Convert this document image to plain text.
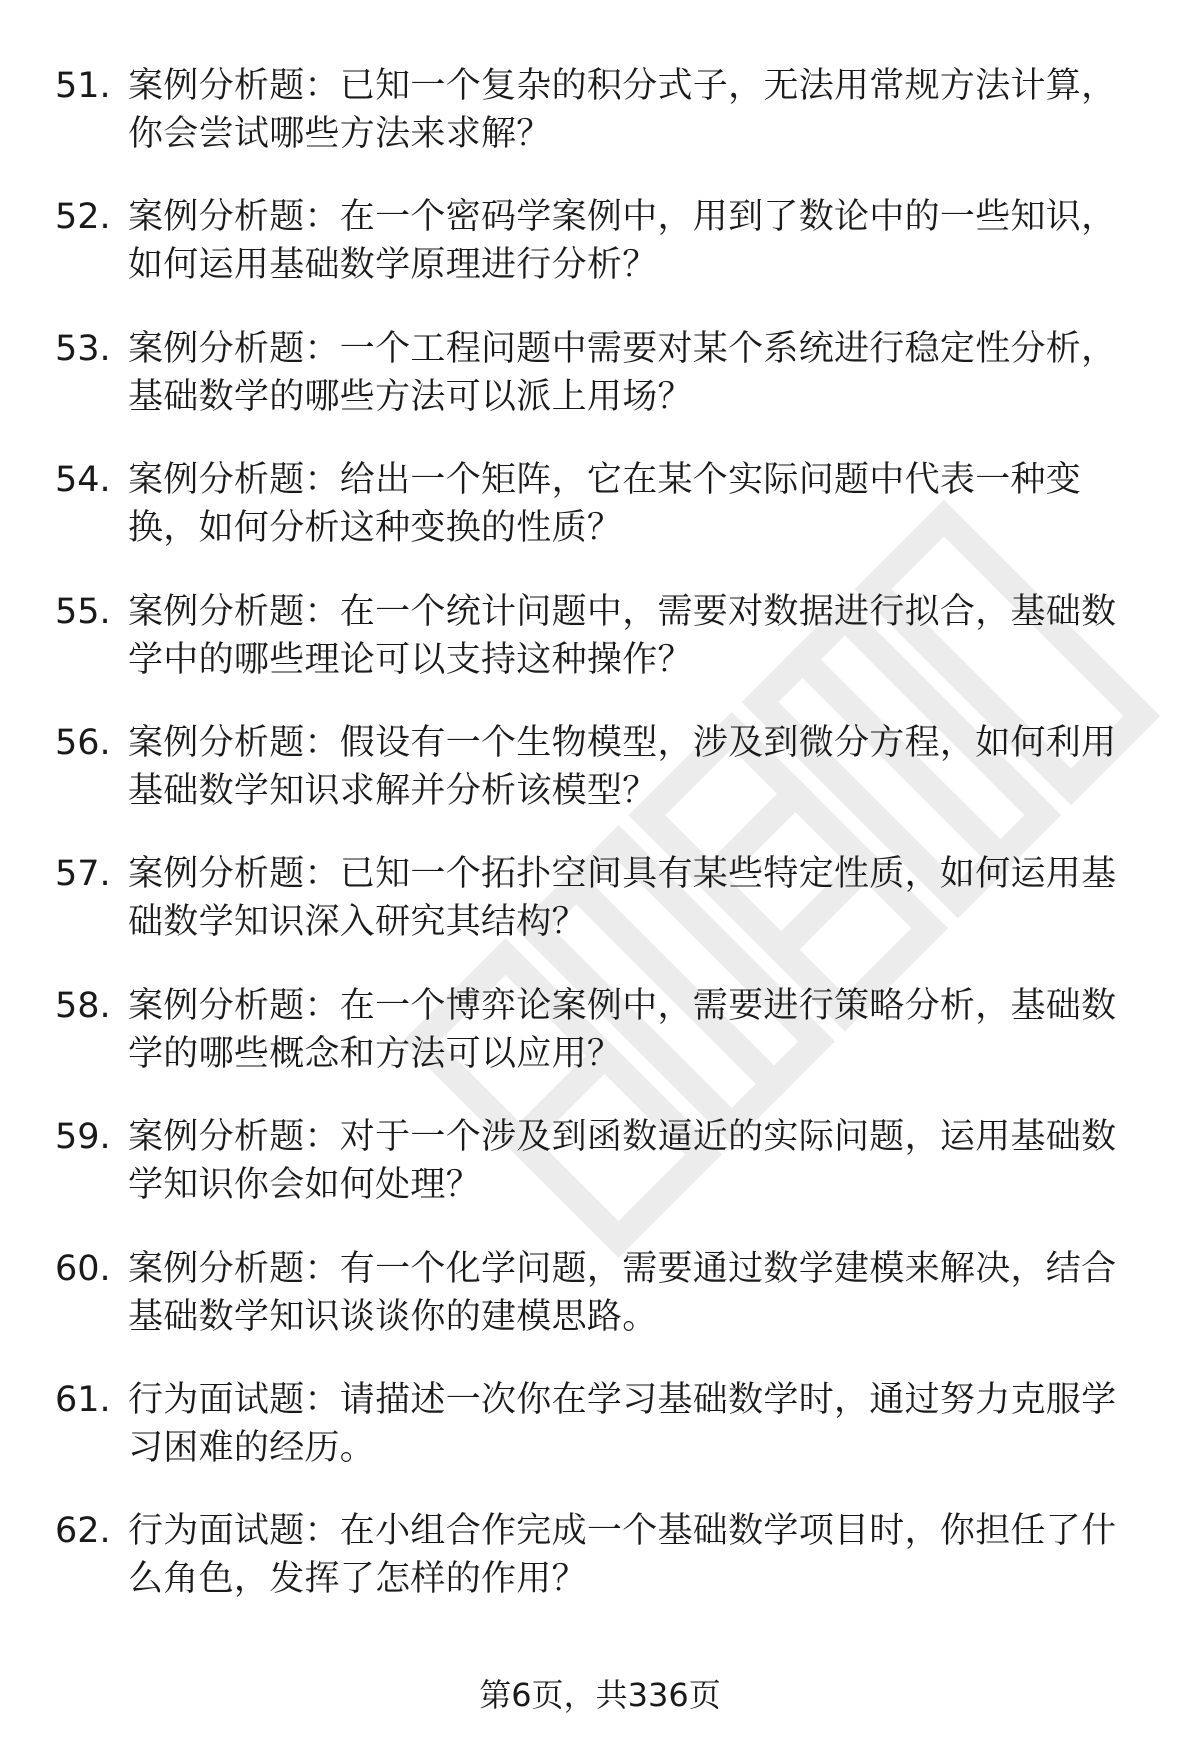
51. 案例分析题：已知一个复杂的积分式子，无法用常规方法计算，你会尝试哪些方法来求解？
52. 案例分析题：在一个密码学案例中，用到了数论中的一些知识，如何运用基础数学原理进行分析？
53. 案例分析题：一个工程问题中需要对某个系统进行稳定性分析，基础数学的哪些方法可以派上用场？
54. 案例分析题：给出一个矩阵，它在某个实际问题中代表一种变换，如何分析这种变换的性质？
55. 案例分析题：在一个统计问题中，需要对数据进行拟合，基础数学中的哪些理论可以支持这种操作？
56. 案例分析题：假设有一个生物模型，涉及到微分方程，如何利用基础数学知识求解并分析该模型？
57. 案例分析题：已知一个拓扑空间具有某些特定性质，如何运用基础数学知识深入研究其结构？
58. 案例分析题：在一个博弈论案例中，需要进行策略分析，基础数学的哪些概念和方法可以应用？
59. 案例分析题：对于一个涉及到函数逼近的实际问题，运用基础数学知识你会如何处理？
60. 案例分析题：有一个化学问题，需要通过数学建模来解决，结合基础数学知识谈谈你的建模思路。
61. 行为面试题：请描述一次你在学习基础数学时，通过努力克服学习困难的经历。
62. 行为面试题：在小组合作完成一个基础数学项目时，你担任了什么角色，发挥了怎样的作用？
第6页，共336页
